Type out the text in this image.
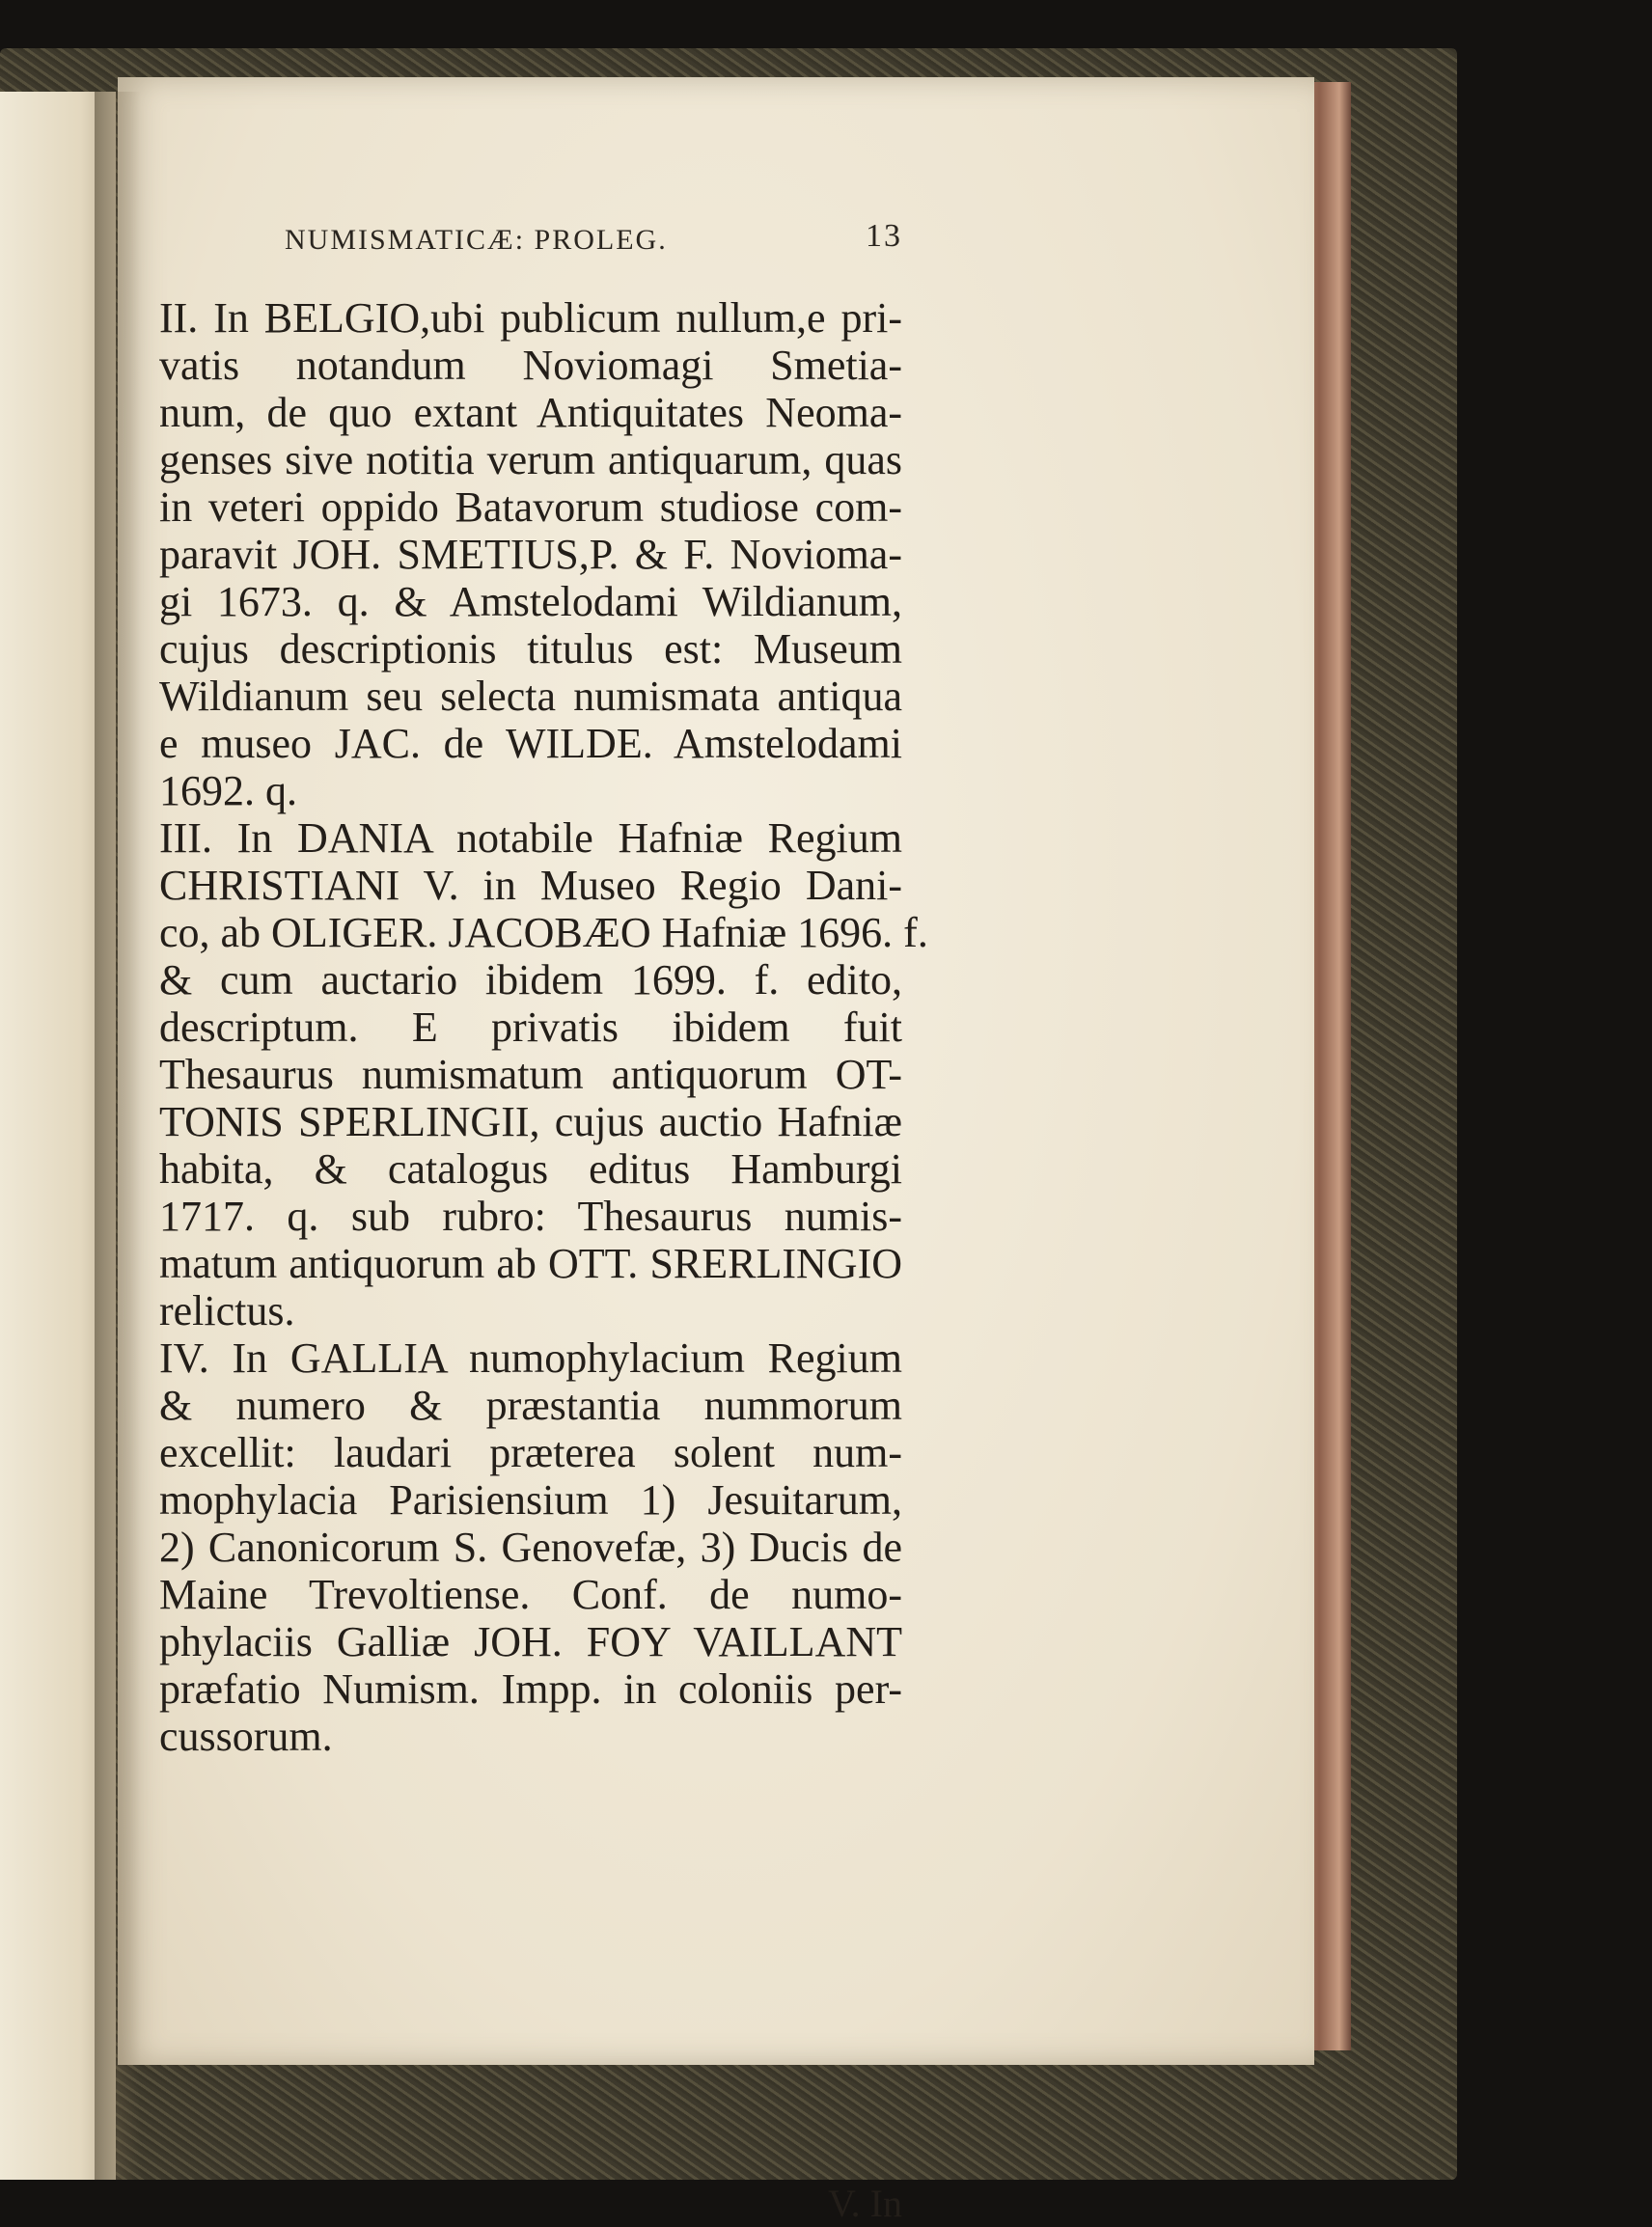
NUMISMATICÆ: PROLEG.	13
II. In BELGIO,ubi publicum nullum,e pri-
vatis notandum Noviomagi Smetia-
num, de quo extant Antiquitates Neoma-
genses sive notitia verum antiquarum, quas
in veteri oppido Batavorum studiose com-
paravit JOH. SMETIUS,P. & F. Novioma-
gi 1673. q. & Amstelodami Wildianum,
cujus descriptionis titulus est: Museum
Wildianum seu selecta numismata antiqua
e museo JAC. de WILDE. Amstelodami
1692. q.
III. In DANIA notabile Hafniæ Regium
CHRISTIANI V. in Museo Regio Dani-
co, ab OLIGER. JACOBÆO Hafniæ 1696. f.
& cum auctario ibidem 1699. f. edito,
descriptum. E privatis ibidem fuit
Thesaurus numismatum antiquorum OT-
TONIS SPERLINGII, cujus auctio Hafniæ
habita, & catalogus editus Hamburgi
1717. q. sub rubro: Thesaurus numis-
matum antiquorum ab OTT. SRERLINGIO
relictus.
IV. In GALLIA numophylacium Regium
& numero & præstantia nummorum
excellit: laudari præterea solent num-
mophylacia Parisiensium 1) Jesuitarum,
2) Canonicorum S. Genovefæ, 3) Ducis de
Maine Trevoltiense. Conf. de numo-
phylaciis Galliæ JOH. FOY VAILLANT
præfatio Numism. Impp. in coloniis per-
cussorum.
V. In
